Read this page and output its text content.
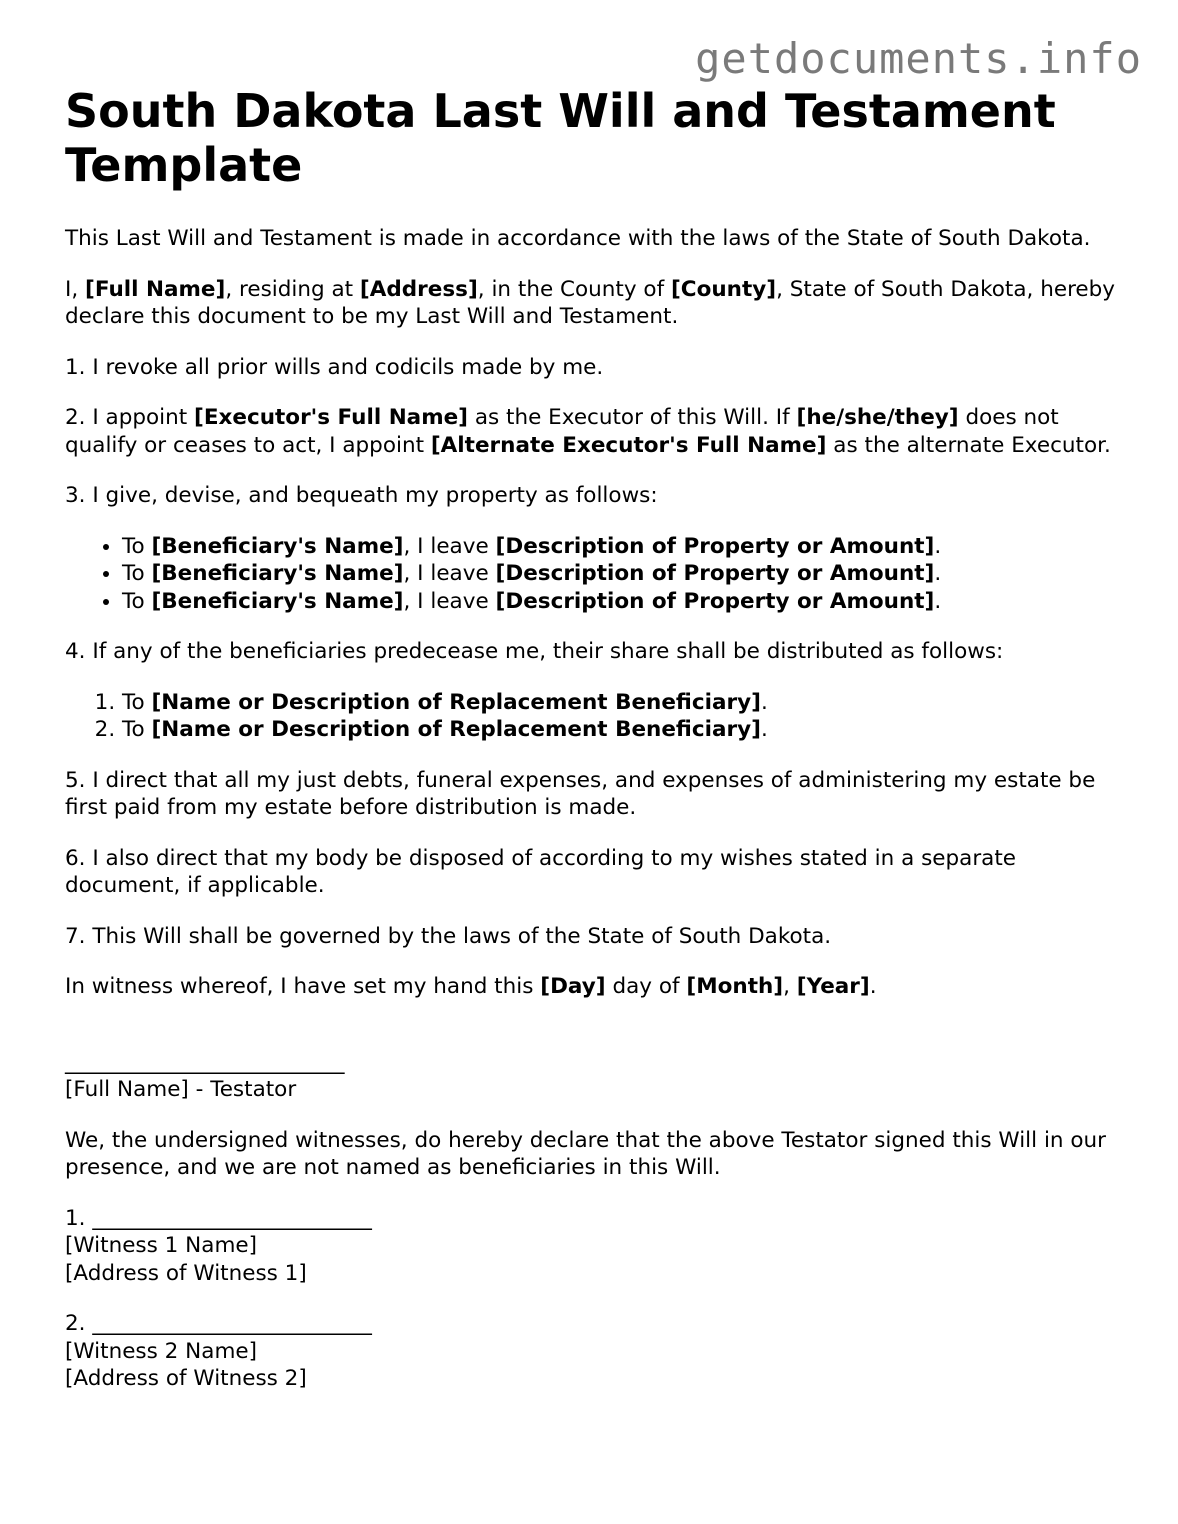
getdocuments.info
South Dakota Last Will and Testament Template

This Last Will and Testament is made in accordance with the laws of the State of South Dakota.

I, [Full Name], residing at [Address], in the County of [County], State of South Dakota, hereby declare this document to be my Last Will and Testament.

1. I revoke all prior wills and codicils made by me.

2. I appoint [Executor's Full Name] as the Executor of this Will. If [he/she/they] does not qualify or ceases to act, I appoint [Alternate Executor's Full Name] as the alternate Executor.

3. I give, devise, and bequeath my property as follows:

• To [Beneficiary's Name], I leave [Description of Property or Amount].
• To [Beneficiary's Name], I leave [Description of Property or Amount].
• To [Beneficiary's Name], I leave [Description of Property or Amount].

4. If any of the beneficiaries predecease me, their share shall be distributed as follows:

1. To [Name or Description of Replacement Beneficiary].
2. To [Name or Description of Replacement Beneficiary].

5. I direct that all my just debts, funeral expenses, and expenses of administering my estate be first paid from my estate before distribution is made.

6. I also direct that my body be disposed of according to my wishes stated in a separate document, if applicable.

7. This Will shall be governed by the laws of the State of South Dakota.

In witness whereof, I have set my hand this [Day] day of [Month], [Year].

__________________________
[Full Name] - Testator

We, the undersigned witnesses, do hereby declare that the above Testator signed this Will in our presence, and we are not named as beneficiaries in this Will.

1. __________________________
[Witness 1 Name]
[Address of Witness 1]
2. __________________________
[Witness 2 Name]
[Address of Witness 2]
